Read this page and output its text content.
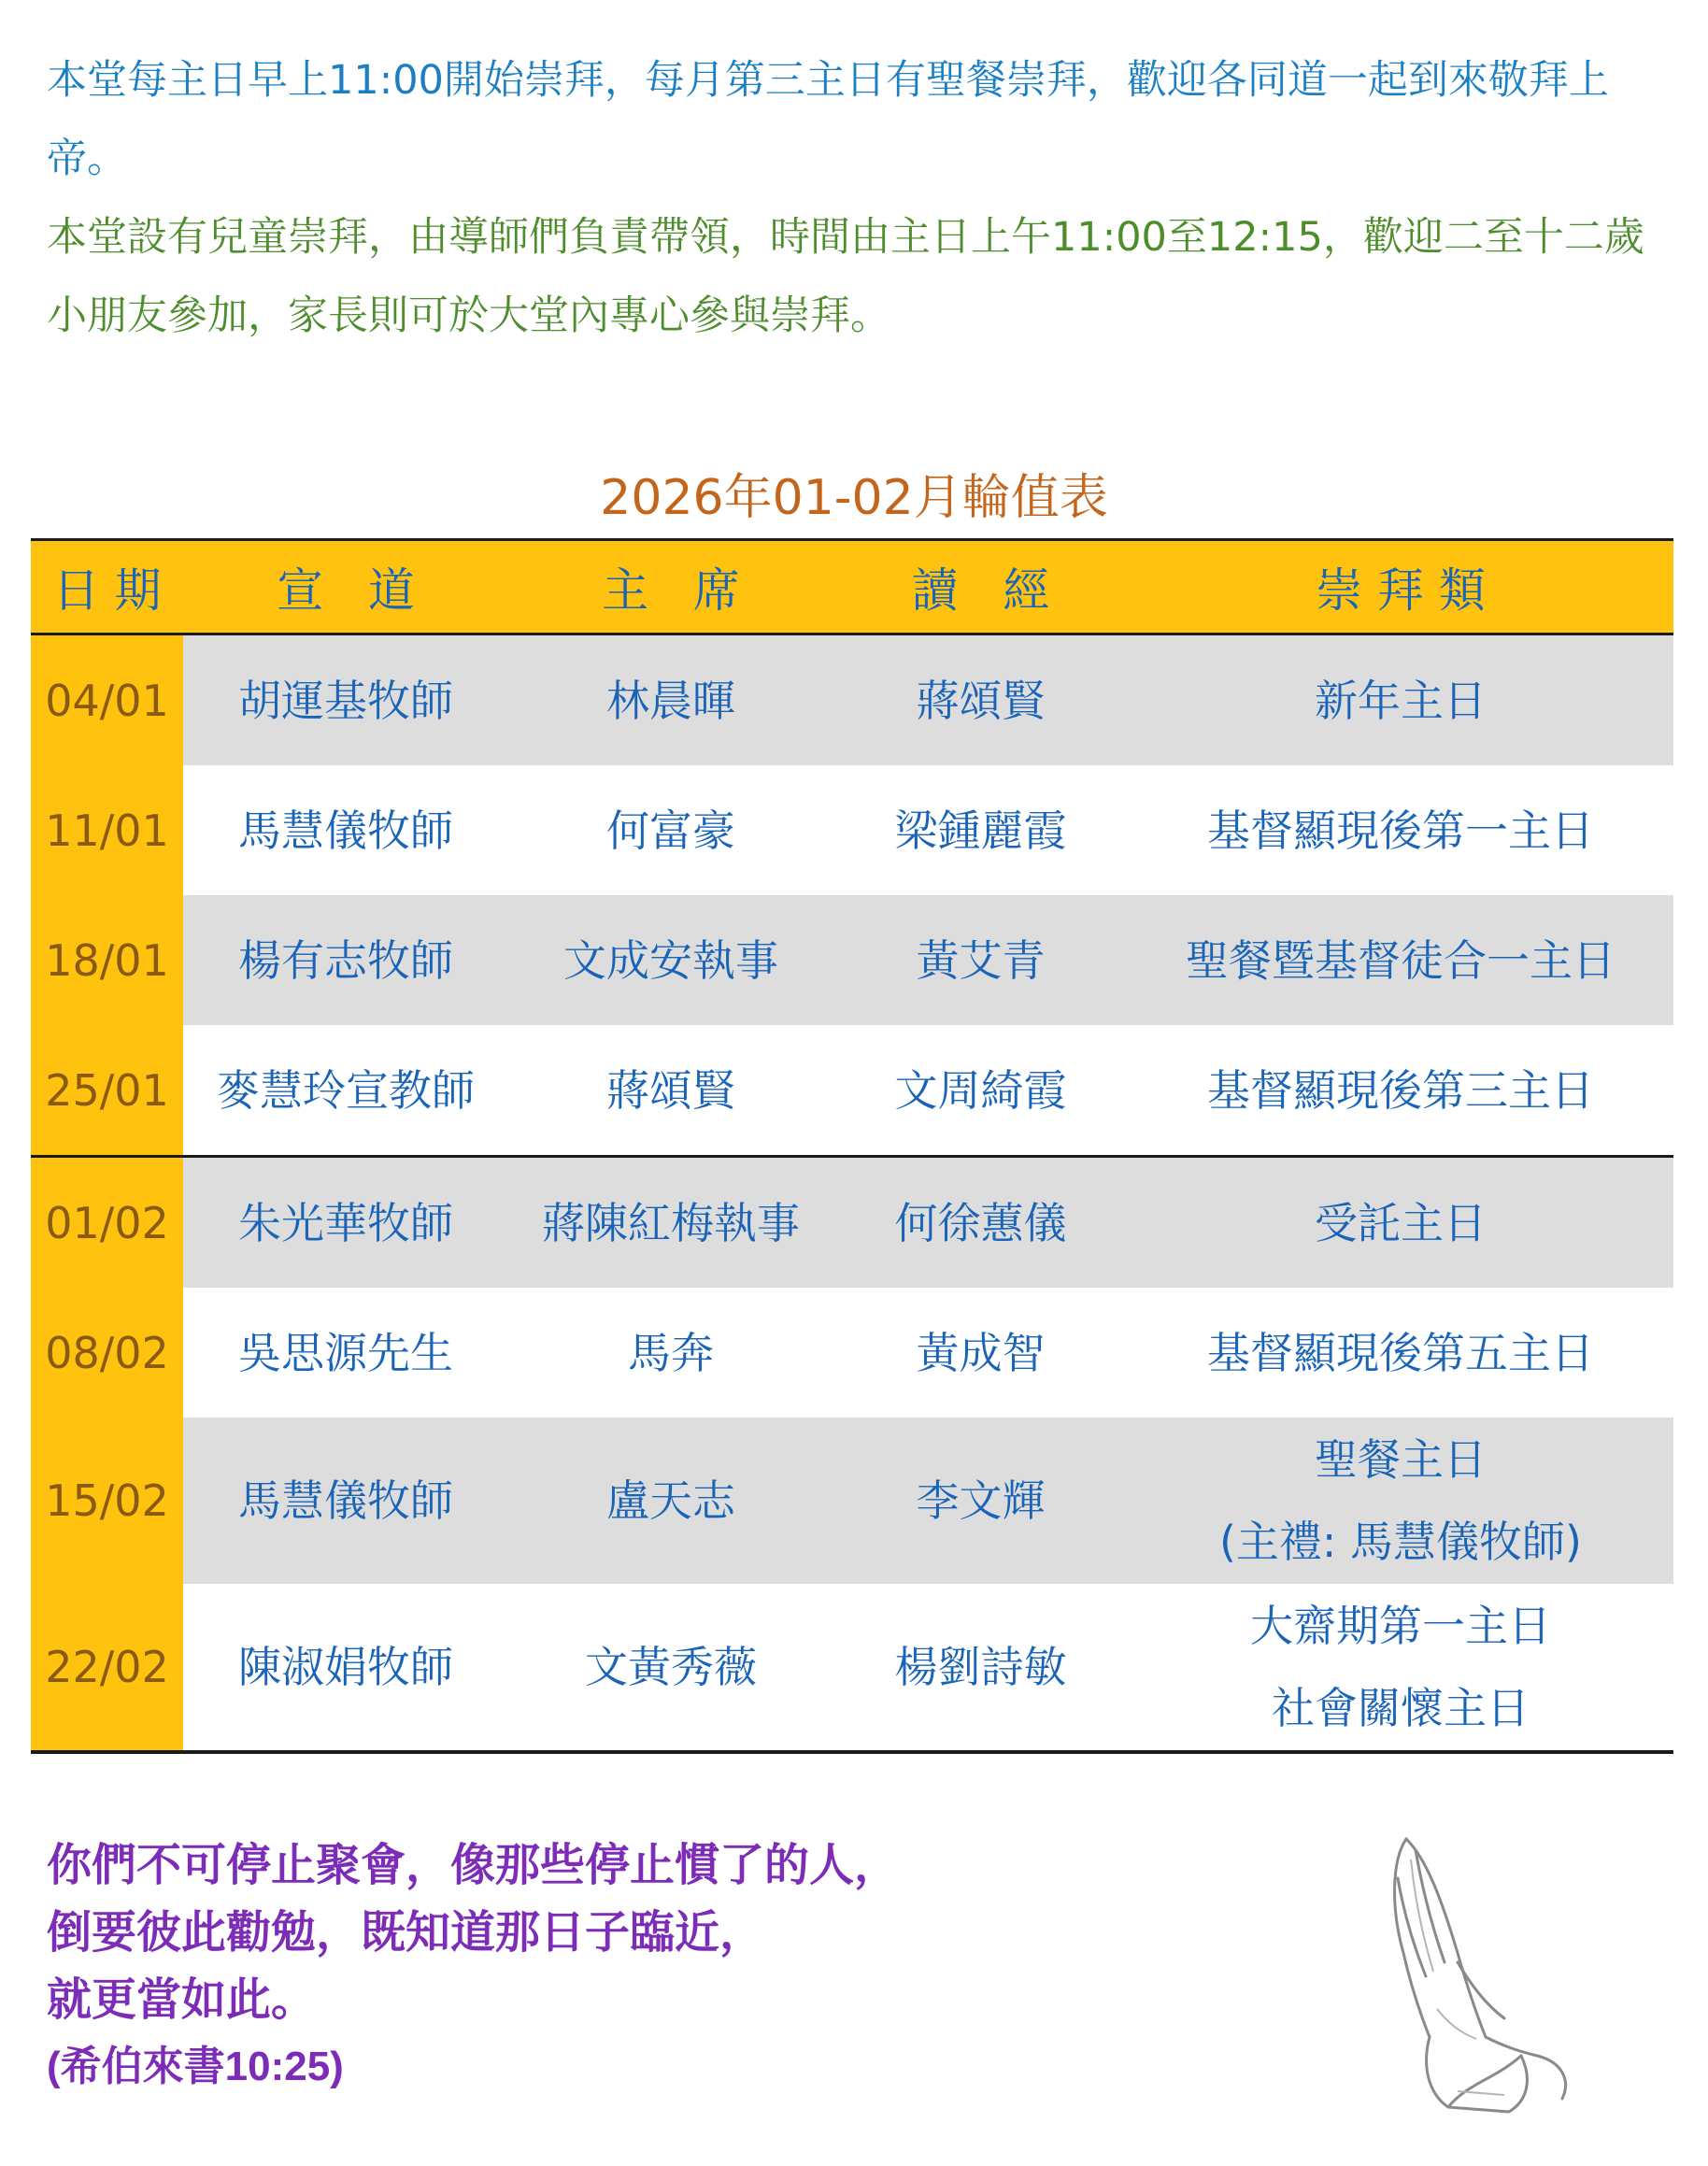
本堂每主日早上11:00開始崇拜，每月第三主日有聖餐崇拜，歡迎各同道一起到來敬拜上帝。
本堂設有兒童崇拜，由導師們負責帶領，時間由主日上午11:00至12:15，歡迎二至十二歲小朋友參加，家長則可於大堂內專心參與崇拜。
2026年01-02月輪值表
日 期	宣   道	主   席	讀   經	崇 拜 類
04/01	胡運基牧師	林晨暉	蔣頌賢	新年主日

11/01	馬慧儀牧師	何富豪	梁鍾麗霞	基督顯現後第一主日

18/01	楊有志牧師	文成安執事	黃艾青	聖餐暨基督徒合一主日

25/01	麥慧玲宣教師	蔣頌賢	文周綺霞	基督顯現後第三主日

01/02	朱光華牧師	蔣陳紅梅執事	何徐蕙儀	受託主日

08/02	吳思源先生	馬奔	黃成智	基督顯現後第五主日

15/02	馬慧儀牧師	盧天志	李文輝	聖餐主日
(主禮: 馬慧儀牧師)

22/02	陳淑娟牧師	文黃秀薇	楊劉詩敏	大齋期第一主日
社會關懷主日
你們不可停止聚會，像那些停止慣了的人，
倒要彼此勸勉，既知道那日子臨近，
就更當如此。
(希伯來書10:25)
